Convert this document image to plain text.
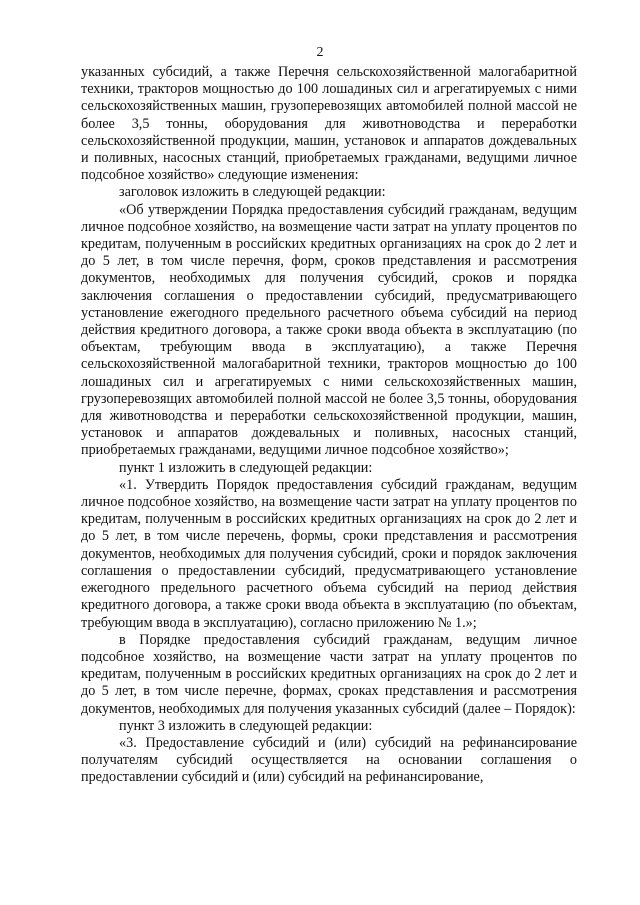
2

указанных субсидий, а также Перечня сельскохозяйственной малогабаритной техники, тракторов мощностью до 100 лошадиных сил и агрегатируемых с ними сельскохозяйственных машин, грузоперевозящих автомобилей полной массой не более 3,5 тонны, оборудования для животноводства и переработки сельскохозяйственной продукции, машин, установок и аппаратов дождевальных и поливных, насосных станций, приобретаемых гражданами, ведущими личное подсобное хозяйство» следующие изменения:

заголовок изложить в следующей редакции:

«Об утверждении Порядка предоставления субсидий гражданам, ведущим личное подсобное хозяйство, на возмещение части затрат на уплату процентов по кредитам, полученным в российских кредитных организациях на срок до 2 лет и до 5 лет, в том числе перечня, форм, сроков представления и рассмотрения документов, необходимых для получения субсидий, сроков и порядка заключения соглашения о предоставлении субсидий, предусматривающего установление ежегодного предельного расчетного объема субсидий на период действия кредитного договора, а также сроки ввода объекта в эксплуатацию (по объектам, требующим ввода в эксплуатацию), а также Перечня сельскохозяйственной малогабаритной техники, тракторов мощностью до 100 лошадиных сил и агрегатируемых с ними сельскохозяйственных машин, грузоперевозящих автомобилей полной массой не более 3,5 тонны, оборудования для животноводства и переработки сельскохозяйственной продукции, машин, установок и аппаратов дождевальных и поливных, насосных станций, приобретаемых гражданами, ведущими личное подсобное хозяйство»;

пункт 1 изложить в следующей редакции:

«1. Утвердить Порядок предоставления субсидий гражданам, ведущим личное подсобное хозяйство, на возмещение части затрат на уплату процентов по кредитам, полученным в российских кредитных организациях на срок до 2 лет и до 5 лет, в том числе перечень, формы, сроки представления и рассмотрения документов, необходимых для получения субсидий, сроки и порядок заключения соглашения о предоставлении субсидий, предусматривающего установление ежегодного предельного расчетного объема субсидий на период действия кредитного договора, а также сроки ввода объекта в эксплуатацию (по объектам, требующим ввода в эксплуатацию), согласно приложению № 1.»;

в Порядке предоставления субсидий гражданам, ведущим личное подсобное хозяйство, на возмещение части затрат на уплату процентов по кредитам, полученным в российских кредитных организациях на срок до 2 лет и до 5 лет, в том числе перечне, формах, сроках представления и рассмотрения документов, необходимых для получения указанных субсидий (далее – Порядок):

пункт 3 изложить в следующей редакции:

«3. Предоставление субсидий и (или) субсидий на рефинансирование получателям субсидий осуществляется на основании соглашения о предоставлении субсидий и (или) субсидий на рефинансирование,
